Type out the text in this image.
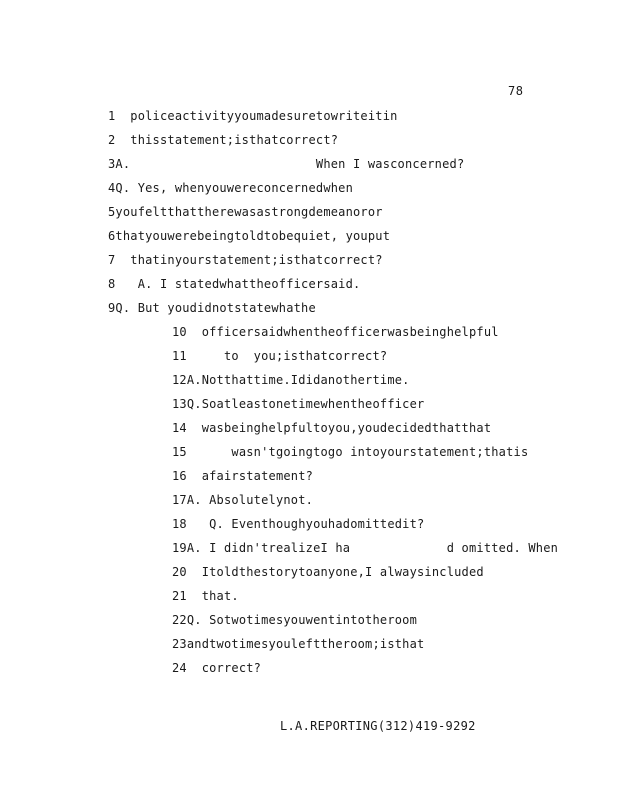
78
1  policeactivityyoumadesuretowriteitin
2  thisstatement;isthatcorrect?
3A.                         When I wasconcerned?
4Q. Yes, whenyouwereconcernedwhen
5youfeltthattherewasastrongdemeanoror
6thatyouwerebeingtoldtobequiet, youput
7  thatinyourstatement;isthatcorrect?
8   A. I statedwhattheofficersaid.
9Q. But youdidnotstatewhathe
10  officersaidwhentheofficerwasbeinghelpful
11     to  you;isthatcorrect?
12A.Notthattime.Ididanothertime.
13Q.Soatleastonetimewhentheofficer
14  wasbeinghelpfultoyou,youdecidedthatthat
15      wasn'tgoingtogo intoyourstatement;thatis
16  afairstatement?
17A. Absolutelynot.
18   Q. Eventhoughyouhadomittedit?
19A. I didn'trealizeI ha             d omitted. When
20  Itoldthestorytoanyone,I alwaysincluded
21  that.
22Q. Sotwotimesyouwentintotheroom
23andtwotimesyoulefttheroom;isthat
24  correct?
L.A.REPORTING(312)419-9292
